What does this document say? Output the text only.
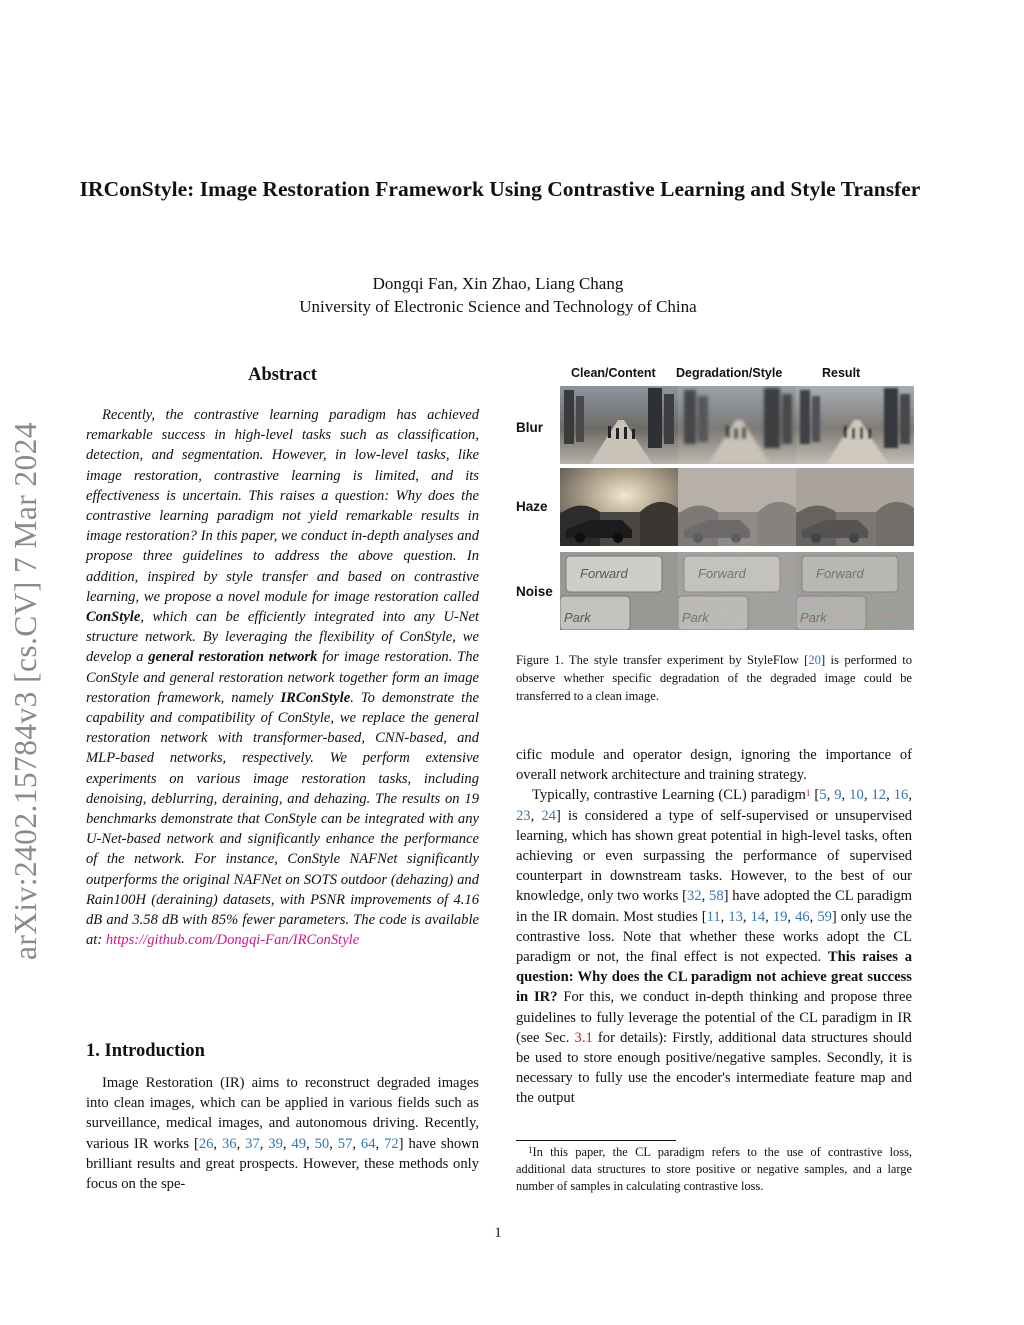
arXiv:2402.15784v3 [cs.CV] 7 Mar 2024
IRConStyle: Image Restoration Framework Using Contrastive Learning and Style Transfer
Dongqi Fan, Xin Zhao, Liang Chang
University of Electronic Science and Technology of China
Abstract

Recently, the contrastive learning paradigm has achieved remarkable success in high-level tasks such as classification, detection, and segmentation. However, in low-level tasks, like image restoration, contrastive learning is limited, and its effectiveness is uncertain. This raises a question: Why does the contrastive learning paradigm not yield remarkable results in image restoration? In this paper, we conduct in-depth analyses and propose three guidelines to address the above question. In addition, inspired by style transfer and based on contrastive learning, we propose a novel module for image restoration called ConStyle, which can be efficiently integrated into any U-Net structure network. By leveraging the flexibility of ConStyle, we develop a general restoration network for image restoration. The ConStyle and general restoration network together form an image restoration framework, namely IRConStyle. To demonstrate the capability and compatibility of ConStyle, we replace the general restoration network with transformer-based, CNN-based, and MLP-based networks, respectively. We perform extensive experiments on various image restoration tasks, including denoising, deblurring, deraining, and dehazing. The results on 19 benchmarks demonstrate that ConStyle can be integrated with any U-Net-based network and significantly enhance the performance of the network. For instance, ConStyle NAFNet significantly outperforms the original NAFNet on SOTS outdoor (dehazing) and Rain100H (deraining) datasets, with PSNR improvements of 4.16 dB and 3.58 dB with 85% fewer parameters. The code is available at: https://github.com/Dongqi-Fan/IRConStyle

1. Introduction

Image Restoration (IR) aims to reconstruct degraded images into clean images, which can be applied in various fields such as surveillance, medical images, and autonomous driving. Recently, various IR works [26, 36, 37, 39, 49, 50, 57, 64, 72] have shown brilliant results and great prospects. However, these methods only focus on the spe-

Clean/Content Degradation/Style	Result
Blur
Haze
Noise
Forward
Park
Figure 1. The style transfer experiment by StyleFlow [20] is performed to observe whether specific degradation of the degraded image could be transferred to a clean image.

cific module and operator design, ignoring the importance of overall network architecture and training strategy.

Typically, contrastive Learning (CL) paradigm$^1$ [5, 9, 10, 12, 16, 23, 24] is considered a type of self-supervised or unsupervised learning, which has shown great potential in high-level tasks, often achieving or even surpassing the performance of supervised counterpart in downstream tasks. However, to the best of our knowledge, only two works [32, 58] have adopted the CL paradigm in the IR domain. Most studies [11, 13, 14, 19, 46, 59] only use the contrastive loss. Note that whether these works adopt the CL paradigm or not, the final effect is not expected. This raises a question: Why does the CL paradigm not achieve great success in IR? For this, we conduct in-depth thinking and propose three guidelines to fully leverage the potential of the CL paradigm in IR (see Sec. 3.1 for details): Firstly, additional data structures should be used to store enough positive/negative samples. Secondly, it is necessary to fully use the encoder's intermediate feature map and the output

$^1$In this paper, the CL paradigm refers to the use of contrastive loss, additional data structures to store positive or negative samples, and a large number of samples in calculating contrastive loss.
1
